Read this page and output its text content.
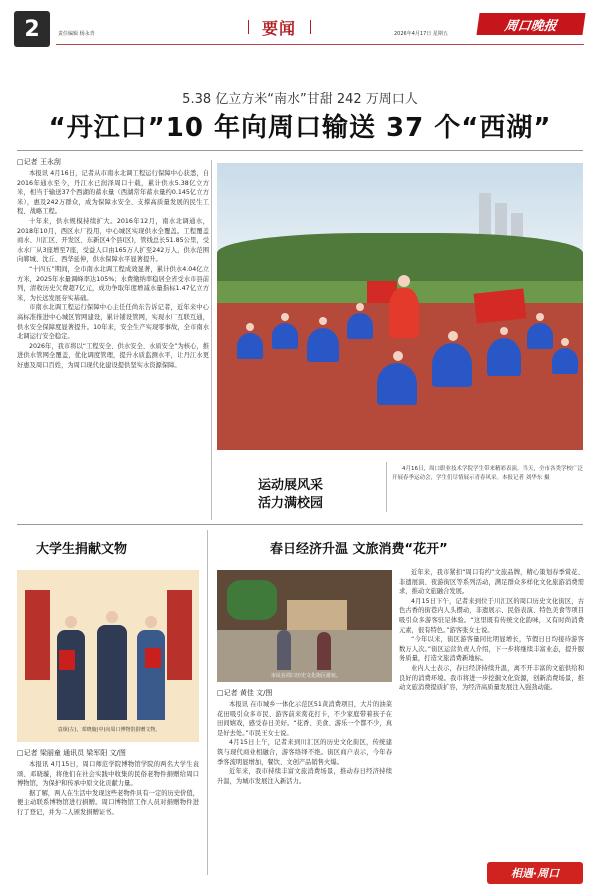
2	责任编辑 杨永青	要闻	2026年4月17日 星期五
周口晚报
5.38 亿立方米“南水”甘甜 242 万周口人
“丹江口”10 年向周口输送 37 个“西湖”
□记者 王永刮

本报讯 4月16日，记者从市南水北调工程运行保障中心获悉，自2016年通水至今，丹江水已润泽周口十载，累计供水5.38亿立方米，相当于输送37个西湖的蓄水量（西湖常年蓄水量约0.145亿立方米），惠及242万群众，成为保障水安全、支撑高质量发展的民生工程、战略工程。

十年来，供水规模持续扩大。2016年12月，南水北调通水，2018年10月，西区水厂投用，中心城区实现供水全覆盖。工程覆盖商水、川汇区、开发区、东新区4个县(区)，管线总长51.85公里，受水水厂从3座增至7座，受益人口由165万人扩至242万人，供水范围向郸城、沈丘、西华延伸，供水保障水平显著提升。

“十四五”期间，全市南水北调工程成效显著，累计供水4.04亿立方米，2025年水量调峰率达105%；水费缴纳率稳居全省受水市县前列，清收历史欠费超7亿元，成功争取年度增减水量指标1.47亿立方米，为长远发展夯实基础。

市南水北调工程运行保障中心主任任尚东告诉记者，近年来中心高标准推进中心城区管网建设，累计铺设管网，实现水厂互联互通，供水安全保障度显著提升。10年来，安全生产实现零事故，全市南水北调运行安全稳定。

2026年，我市将以“工程安全、供水安全、水质安全”为核心，推进供水管网全覆盖，优化调度管理，提升水质监测水平，让丹江水更好惠及周口百姓，为周口现代化建设提供坚实水资源保障。

运动展风采
活力满校园
4月16日，周口职业技术学院学生带来精彩表演。当天，全市各类学校广泛开展春季运动会，学生们尽情展示青春风采。本报记者 刘华东 摄
大学生捐献文物
袁颂(左)、邓晓璇(中)向周口博物馆捐赠文物。
□记者 梁丽童 通讯员 梁军阳 文/图

本报讯 4月15日，周口师范学院博物馆学院的两名大学生袁颂、邓晓璇，将他们在社会实践中收集的民俗老物件捐赠给周口博物馆，为保护和传承中原文化贡献力量。

据了解，两人在生活中发现这些老物件具有一定的历史价值，便主动联系博物馆进行捐赠。周口博物馆工作人员对捐赠物件进行了登记，并为二人颁发捐赠证书。

春日经济升温 文旅消费“花开”
市民在周口历史文化街区游玩。
□记者 黄佳 文/图

本报讯 在市城乡一体化示范区51黄消费项目，大片的油菜花田吸引众多市民、游客前来赏花打卡，不少家庭带着孩子在田间嬉戏，感受春日美好。“花香、美食、游乐一个都不少，真是好去处。”市民王女士说。

4月15日上午，记者来到川汇区的历史文化街区，传统建筑与现代商业相融合，游客络绎不绝。街区商户表示，今年春季客流明显增加，餐饮、文创产品销售火爆。

近年来，我市持续丰富文旅消费场景，推动春日经济持续升温，为城市发展注入新活力。

近年来，我市紧扣“周口有约”文旅品牌，精心策划春季赏花、非遗展演、夜游街区等系列活动，满足群众多样化文化旅游消费需求，推动文旅融合发展。

4月15日下午，记者来到位于川汇区的周口历史文化街区，古色古香的街巷内人头攒动，非遗展示、民俗表演、特色美食等项目吸引众多游客驻足体验。“这里既有传统文化韵味，又有时尚消费元素，很有特色。”游客张女士说。

“今年以来，街区游客量同比明显增长，节假日日均接待游客数万人次。”街区运营负责人介绍，下一步将继续丰富业态，提升服务质量，打造文旅消费新地标。

业内人士表示，春日经济持续升温，离不开丰富的文旅供给和良好的消费环境。我市将进一步挖掘文化资源，创新消费场景，推动文旅消费提质扩容，为经济高质量发展注入强劲动能。

相遇·周口
